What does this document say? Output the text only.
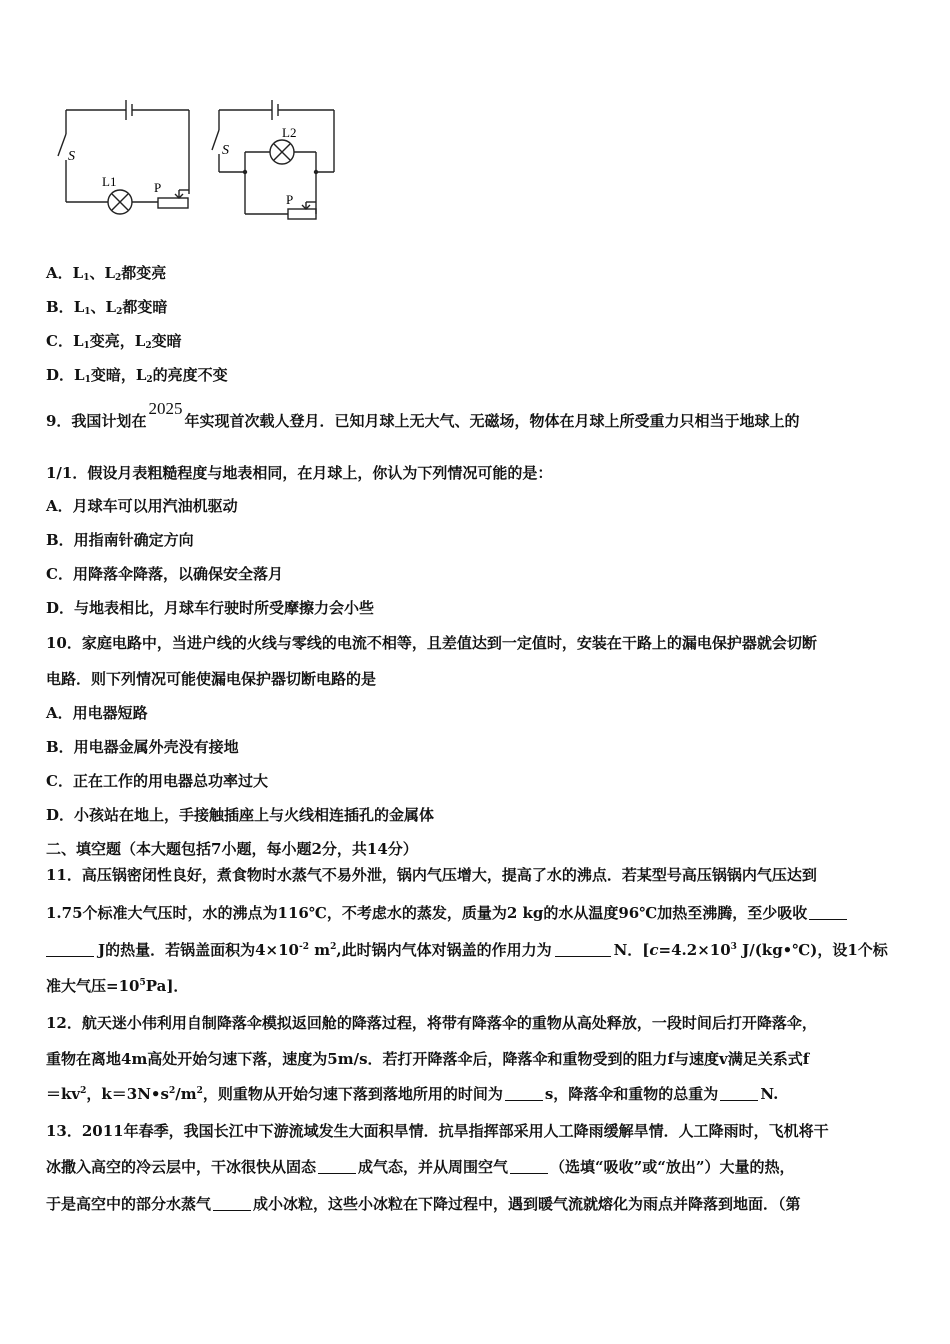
S
L1	P
S
L2
P
A．$L_1$、$L_2$都变亮
B．$L_1$、$L_2$都变暗
C．$L_1$变亮，$L_2$变暗
D．$L_1$变暗，$L_2$的亮度不变
9．我国计划在2025年实现首次载人登月．已知月球上无大气、无磁场，物体在月球上所受重力只相当于地球上的
1/1．假设月表粗糙程度与地表相同，在月球上，你认为下列情况可能的是：
A．月球车可以用汽油机驱动
B．用指南针确定方向
C．用降落伞降落，以确保安全落月
D．与地表相比，月球车行驶时所受摩擦力会小些
10．家庭电路中，当进户线的火线与零线的电流不相等，且差值达到一定值时，安装在干路上的漏电保护器就会切断
电路．则下列情况可能使漏电保护器切断电路的是
A．用电器短路
B．用电器金属外壳没有接地
C．正在工作的用电器总功率过大
D．小孩站在地上，手接触插座上与火线相连插孔的金属体
二、填空题（本大题包括7小题，每小题2分，共14分）
11．高压锅密闭性良好，煮食物时水蒸气不易外泄，锅内气压增大，提高了水的沸点．若某型号高压锅锅内气压达到
1.75个标准大气压时，水的沸点为116℃，不考虑水的蒸发，质量为2 kg的水从温度96℃加热至沸腾，至少吸收
J的热量．若锅盖面积为$4\times 10^{-2}$ $m^2$,此时锅内气体对锅盖的作用力为	N．[$c=4.2\times 10^3$ J/(kg•℃)，设1个标
准大气压$=10^5Pa$]．
12．航天迷小伟利用自制降落伞模拟返回舱的降落过程，将带有降落伞的重物从高处释放，一段时间后打开降落伞，
重物在离地4m高处开始匀速下落，速度为5m/s．若打开降落伞后，降落伞和重物受到的阻力f与速度v满足关系式f
$=kv^2$，$k=3N•s^2/m^2$，则重物从开始匀速下落到落地所用的时间为	s，降落伞和重物的总重为	N.
13．2011年春季，我国长江中下游流域发生大面积旱情．抗旱指挥部采用人工降雨缓解旱情．人工降雨时，飞机将干
冰撒入高空的冷云层中，干冰很快从固态	成气态，并从周围空气	（选填“吸收”或“放出”）大量的热，
于是高空中的部分水蒸气	成小冰粒，这些小冰粒在下降过程中，遇到暖气流就熔化为雨点并降落到地面．（第
